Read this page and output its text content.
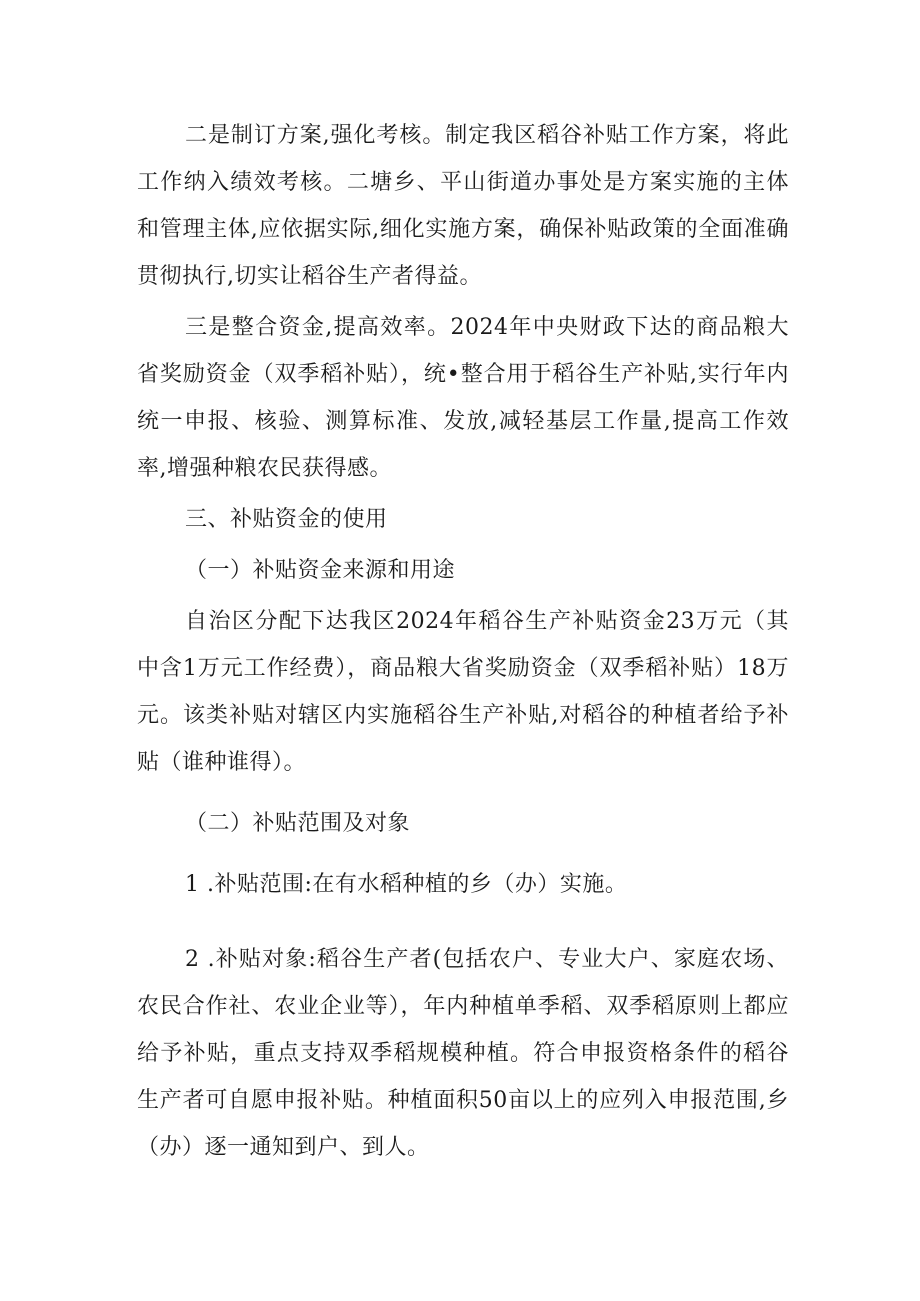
二是制订方案,强化考核。制定我区稻谷补贴工作方案，将此工作纳入绩效考核。二塘乡、平山街道办事处是方案实施的主体和管理主体,应依据实际,细化实施方案，确保补贴政策的全面准确贯彻执行,切实让稻谷生产者得益。

三是整合资金,提高效率。2024年中央财政下达的商品粮大省奖励资金（双季稻补贴），统•整合用于稻谷生产补贴,实行年内统一申报、核验、测算标准、发放,减轻基层工作量,提高工作效率,增强种粮农民获得感。

三、补贴资金的使用

（一）补贴资金来源和用途

自治区分配下达我区2024年稻谷生产补贴资金23万元（其中含1万元工作经费），商品粮大省奖励资金（双季稻补贴）18万元。该类补贴对辖区内实施稻谷生产补贴,对稻谷的种植者给予补贴（谁种谁得）。

（二）补贴范围及对象

1 .补贴范围:在有水稻种植的乡（办）实施。

2 .补贴对象:稻谷生产者(包括农户、专业大户、家庭农场、农民合作社、农业企业等），年内种植单季稻、双季稻原则上都应给予补贴，重点支持双季稻规模种植。符合申报资格条件的稻谷生产者可自愿申报补贴。种植面积50亩以上的应列入申报范围,乡（办）逐一通知到户、到人。
